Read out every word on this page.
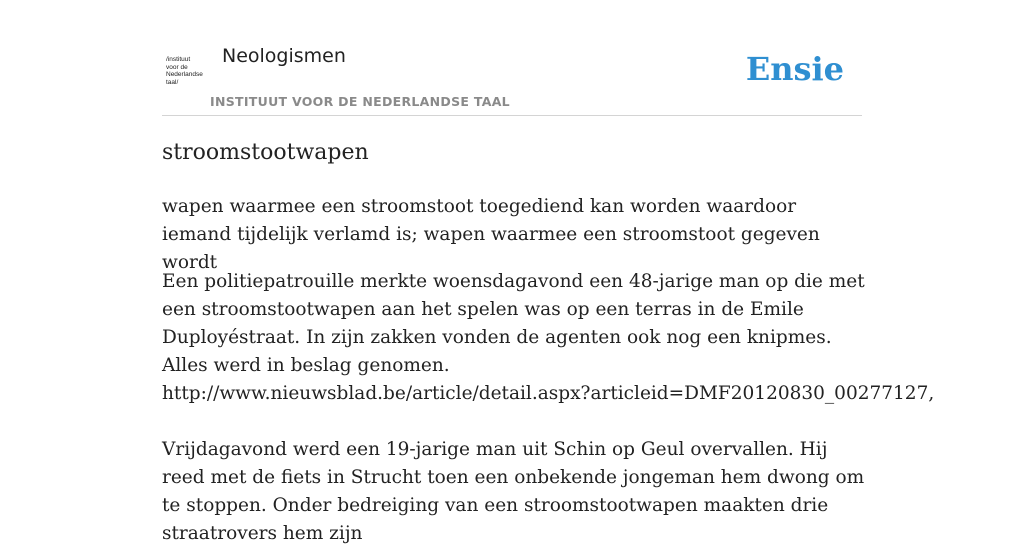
/instituut
voor de
Nederlandse
taal/
Neologismen
INSTITUUT VOOR DE NEDERLANDSE TAAL
Ensie
stroomstootwapen
wapen waarmee een stroomstoot toegediend kan worden waardoor iemand tijdelijk verlamd is; wapen waarmee een stroomstoot gegeven wordt

Een politiepatrouille merkte woensdagavond een 48-jarige man op die met een stroomstootwapen aan het spelen was op een terras in de Emile Duployéstraat. In zijn zakken vonden de agenten ook nog een knipmes. Alles werd in beslag genomen.

http://www.nieuwsblad.be/article/detail.aspx?articleid=DMF20120830_00277127,

Vrijdagavond werd een 19-jarige man uit Schin op Geul overvallen. Hij reed met de fiets in Strucht toen een onbekende jongeman hem dwong om te stoppen. Onder bedreiging van een stroomstootwapen maakten drie straatrovers hem zijn
